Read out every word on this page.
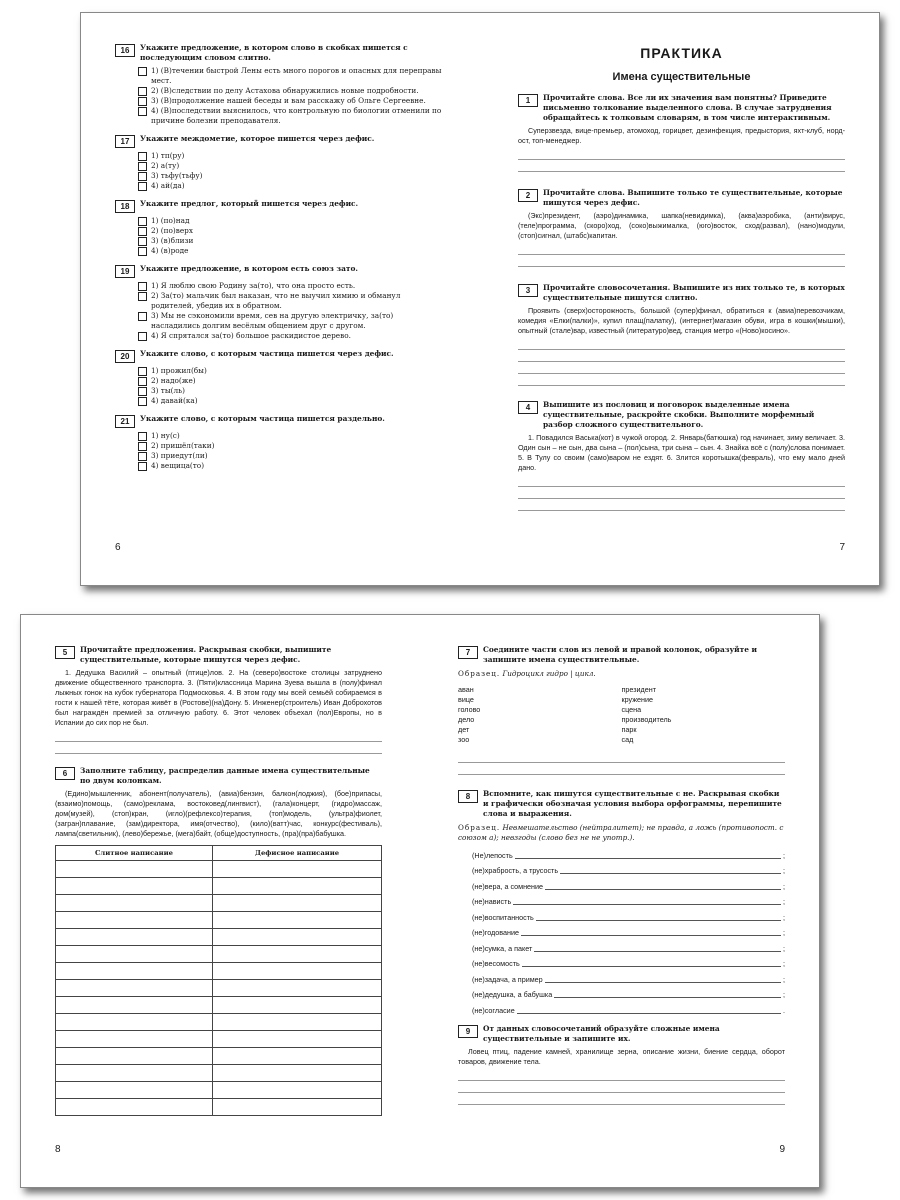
16	Укажите предложение, в котором слово в скобках пишется с последующим словом слитно.
1) (В)течении быстрой Лены есть много порогов и опасных для переправы мест.
2) (В)следствии по делу Астахова обнаружились новые подробности.
3) (В)продолжение нашей беседы и вам расскажу об Ольге Сергеевне.
4) (В)последствии выяснилось, что контрольную по биологии отменили по причине болезни преподавателя.
17	Укажите междометие, которое пишется через дефис.
1) тп(ру)
2) а(ту)
3) тьфу(тьфу)
4) ай(да)
18	Укажите предлог, который пишется через дефис.
1) (по)над
2) (по)верх
3) (в)близи
4) (в)роде
19	Укажите предложение, в котором есть союз зато.
1) Я люблю свою Родину за(то), что она просто есть.
2) За(то) мальчик был наказан, что не выучил химию и обманул родителей, убедив их в обратном.
3) Мы не сэкономили время, сев на другую электричку, за(то) насладились долгим весёлым общением друг с другом.
4) Я спрятался за(то) большое раскидистое дерево.
20	Укажите слово, с которым частица пишется через дефис.
1) прожил(бы)
2) надо(же)
3) ты(ль)
4) давай(ка)
21	Укажите слово, с которым частица пишется раздельно.
1) ну(с)
2) пришёл(таки)
3) приедут(ли)
4) вещица(то)
6
ПРАКТИКА
Имена существительные
1	Прочитайте слова. Все ли их значения вам понятны? Приведите письменно толкование выделенного слова. В случае затруднения обращайтесь к толковым словарям, в том числе интерактивным.
Суперзвезда, вице-премьер, атомоход, горицвет, дезинфекция, предыстория, яхт-клуб, норд-ост, топ-менеджер.
2	Прочитайте слова. Выпишите только те существительные, которые пишутся через дефис.
(Экс)президент, (аэро)динамика, шапка(невидимка), (аква)аэробика, (анти)вирус, (теле)программа, (скоро)ход, (соко)выжималка, (юго)восток, сход(развал), (нано)модули, (стоп)сигнал, (штабс)капитан.
3	Прочитайте словосочетания. Выпишите из них только те, в которых существительные пишутся слитно.
Проявить (сверх)осторожность, большой (супер)финал, обратиться к (авиа)перевозчикам, комедия «Елки(палки)», купил плащ(палатку), (интернет)магазин обуви, игра в кошки(мышки), опытный (стале)вар, известный (литературо)вед, станция метро «(Ново)косино».
4	Выпишите из пословиц и поговорок выделенные имена существительные, раскройте скобки. Выполните морфемный разбор сложного существительного.
1. Повадился Васька(кот) в чужой огород. 2. Январь(батюшка) год начинает, зиму величает. 3. Один сын – не сын, два сына – (пол)сына, три сына – сын. 4. Знайка всё с (полу)слова понимает. 5. В Тулу со своим (само)варом не ездят. 6. Злится коротышка(февраль), что ему мало дней дано.
7
5	Прочитайте предложения. Раскрывая скобки, выпишите существительные, которые пишутся через дефис.
1. Дедушка Василий – опытный (птице)лов. 2. На (северо)востоке столицы затруднено движение общественного транспорта. 3. (Пяти)классница Марина Зуева вышла в (полу)финал лыжных гонок на кубок губернатора Подмосковья. 4. В этом году мы всей семьёй собираемся в гости к нашей тёте, которая живёт в (Ростове)(на)Дону. 5. Инженер(строитель) Иван Доброхотов был награждён премией за отличную работу. 6. Этот человек объехал (пол)Европы, но в Испании до сих пор не был.
6	Заполните таблицу, распределив данные имена существительные по двум колонкам.
(Едино)мышленник, абонент(получатель), (авиа)бензин, балкон(лоджия), (бое)припасы, (взаимо)помощь, (само)реклама, востоковед(лингвист), (гала)концерт, (гидро)массаж, дом(музей), (стоп)кран, (игло)(рефлексо)терапия, (топ)модель, (ультра)фиолет, (загран)плавание, (зам)директора, имя(отчество), (кило)(ватт)час, конкурс(фестиваль), лампа(светильник), (лево)бережье, (мега)байт, (обще)доступность, (пра)(пра)бабушка.
Слитное написание	Дефисное написание

8
7	Соедините части слов из левой и правой колонок, образуйте и запишите имена существительные.
Образец. Гидроцикл гидро | цикл.
аван	президент
вице	кружение
голово	сцена
дело	производитель
дет	парк
зоо	сад
8	Вспомните, как пишутся существительные с не. Раскрывая скобки и графически обозначая условия выбора орфограммы, перепишите слова и выражения.
Образец. Невмешательство (нейтралитет); не правда, а ложь (противопост. с союзом а); невзгоды (слово без не не употр.).
(Не)лепость	;
(не)храбрость, а трусость	;
(не)вера, а сомнение	;
(не)нависть	;
(не)воспитанность	;
(не)годование	;
(не)сумка, а пакет	;
(не)весомость	;
(не)задача, а пример	;
(не)дедушка, а бабушка	;
(не)согласие	.
9	От данных словосочетаний образуйте сложные имена существительные и запишите их.
Ловец птиц, падение камней, хранилище зерна, описание жизни, биение сердца, оборот товаров, движение тела.
9
